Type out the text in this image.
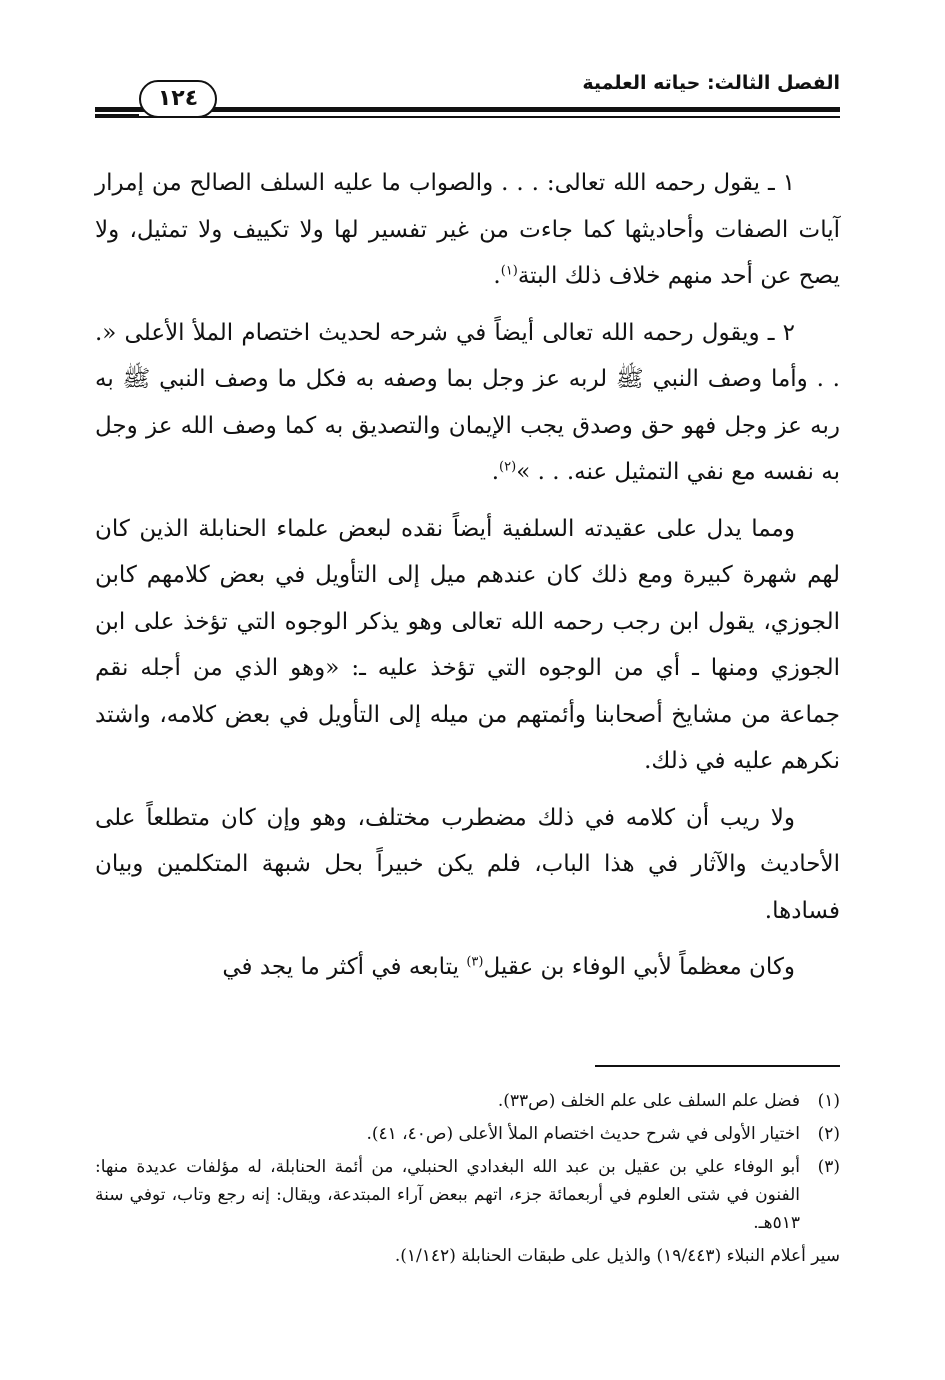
الفصل الثالث: حياته العلمية
١٢٤

١ ـ يقول رحمه الله تعالى: . . . والصواب ما عليه السلف الصالح من إمرار آيات الصفات وأحاديثها كما جاءت من غير تفسير لها ولا تكييف ولا تمثيل، ولا يصح عن أحد منهم خلاف ذلك البتة$^{(١)}$.

٢ ـ ويقول رحمه الله تعالى أيضاً في شرحه لحديث اختصام الملأ الأعلى «. . . وأما وصف النبي ﷺ لربه عز وجل بما وصفه به فكل ما وصف النبي ﷺ به ربه عز وجل فهو حق وصدق يجب الإيمان والتصديق به كما وصف الله عز وجل به نفسه مع نفي التمثيل عنه. . . »$^{(٢)}$.

ومما يدل على عقيدته السلفية أيضاً نقده لبعض علماء الحنابلة الذين كان لهم شهرة كبيرة ومع ذلك كان عندهم ميل إلى التأويل في بعض كلامهم كابن الجوزي، يقول ابن رجب رحمه الله تعالى وهو يذكر الوجوه التي تؤخذ على ابن الجوزي ومنها ـ أي من الوجوه التي تؤخذ عليه ـ: «وهو الذي من أجله نقم جماعة من مشايخ أصحابنا وأئمتهم من ميله إلى التأويل في بعض كلامه، واشتد نكرهم عليه في ذلك.

ولا ريب أن كلامه في ذلك مضطرب مختلف، وهو وإن كان متطلعاً على الأحاديث والآثار في هذا الباب، فلم يكن خبيراً بحل شبهة المتكلمين وبيان فسادها.

وكان معظماً لأبي الوفاء بن عقيل$^{(٣)}$ يتابعه في أكثر ما يجد في

(١)
فضل علم السلف على علم الخلف (ص٣٣).
(٢)
اختيار الأولى في شرح حديث اختصام الملأ الأعلى (ص٤٠، ٤١).
(٣)
أبو الوفاء علي بن عقيل بن عبد الله البغدادي الحنبلي، من أئمة الحنابلة، له مؤلفات عديدة منها: الفنون في شتى العلوم في أربعمائة جزء، اتهم ببعض آراء المبتدعة، ويقال: إنه رجع وتاب، توفي سنة ٥١٣هـ.
سير أعلام النبلاء (١٩/٤٤٣) والذيل على طبقات الحنابلة (١/١٤٢).
